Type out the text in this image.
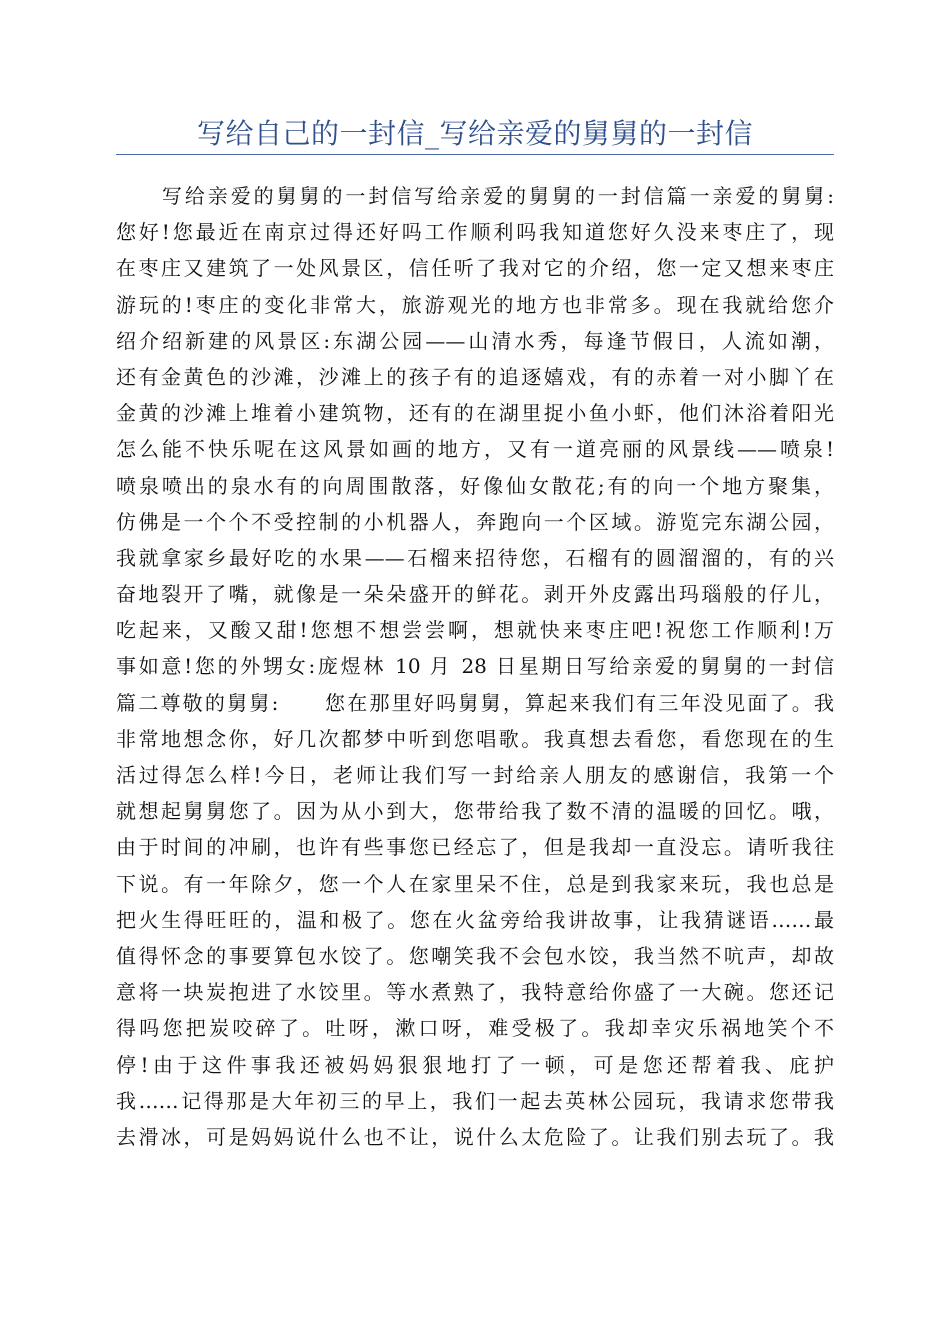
写给自己的一封信_写给亲爱的舅舅的一封信
　　写给亲爱的舅舅的一封信写给亲爱的舅舅的一封信篇一亲爱的舅舅:
您好!您最近在南京过得还好吗工作顺利吗我知道您好久没来枣庄了，现
在枣庄又建筑了一处风景区，信任听了我对它的介绍，您一定又想来枣庄
游玩的!枣庄的变化非常大，旅游观光的地方也非常多。现在我就给您介
绍介绍新建的风景区:东湖公园——山清水秀，每逢节假日，人流如潮，
还有金黄色的沙滩，沙滩上的孩子有的追逐嬉戏，有的赤着一对小脚丫在
金黄的沙滩上堆着小建筑物，还有的在湖里捉小鱼小虾，他们沐浴着阳光
怎么能不快乐呢在这风景如画的地方，又有一道亮丽的风景线——喷泉!
喷泉喷出的泉水有的向周围散落，好像仙女散花;有的向一个地方聚集，
仿佛是一个个不受控制的小机器人，奔跑向一个区域。游览完东湖公园，
我就拿家乡最好吃的水果——石榴来招待您，石榴有的圆溜溜的，有的兴
奋地裂开了嘴，就像是一朵朵盛开的鲜花。剥开外皮露出玛瑙般的仔儿，
吃起来，又酸又甜!您想不想尝尝啊，想就快来枣庄吧!祝您工作顺利!万
事如意!您的外甥女:庞煜林 10 月 28 日星期日写给亲爱的舅舅的一封信
篇二尊敬的舅舅:　　您在那里好吗舅舅，算起来我们有三年没见面了。我
非常地想念你，好几次都梦中听到您唱歌。我真想去看您，看您现在的生
活过得怎么样!今日，老师让我们写一封给亲人朋友的感谢信，我第一个
就想起舅舅您了。因为从小到大，您带给我了数不清的温暖的回忆。哦，
由于时间的冲刷，也许有些事您已经忘了，但是我却一直没忘。请听我往
下说。有一年除夕，您一个人在家里呆不住，总是到我家来玩，我也总是
把火生得旺旺的，温和极了。您在火盆旁给我讲故事，让我猜谜语……最
值得怀念的事要算包水饺了。您嘲笑我不会包水饺，我当然不吭声，却故
意将一块炭抱进了水饺里。等水煮熟了，我特意给你盛了一大碗。您还记
得吗您把炭咬碎了。吐呀，漱口呀，难受极了。我却幸灾乐祸地笑个不
停!由于这件事我还被妈妈狠狠地打了一顿，可是您还帮着我、庇护
我……记得那是大年初三的早上，我们一起去英林公园玩，我请求您带我
去滑冰，可是妈妈说什么也不让，说什么太危险了。让我们别去玩了。我
